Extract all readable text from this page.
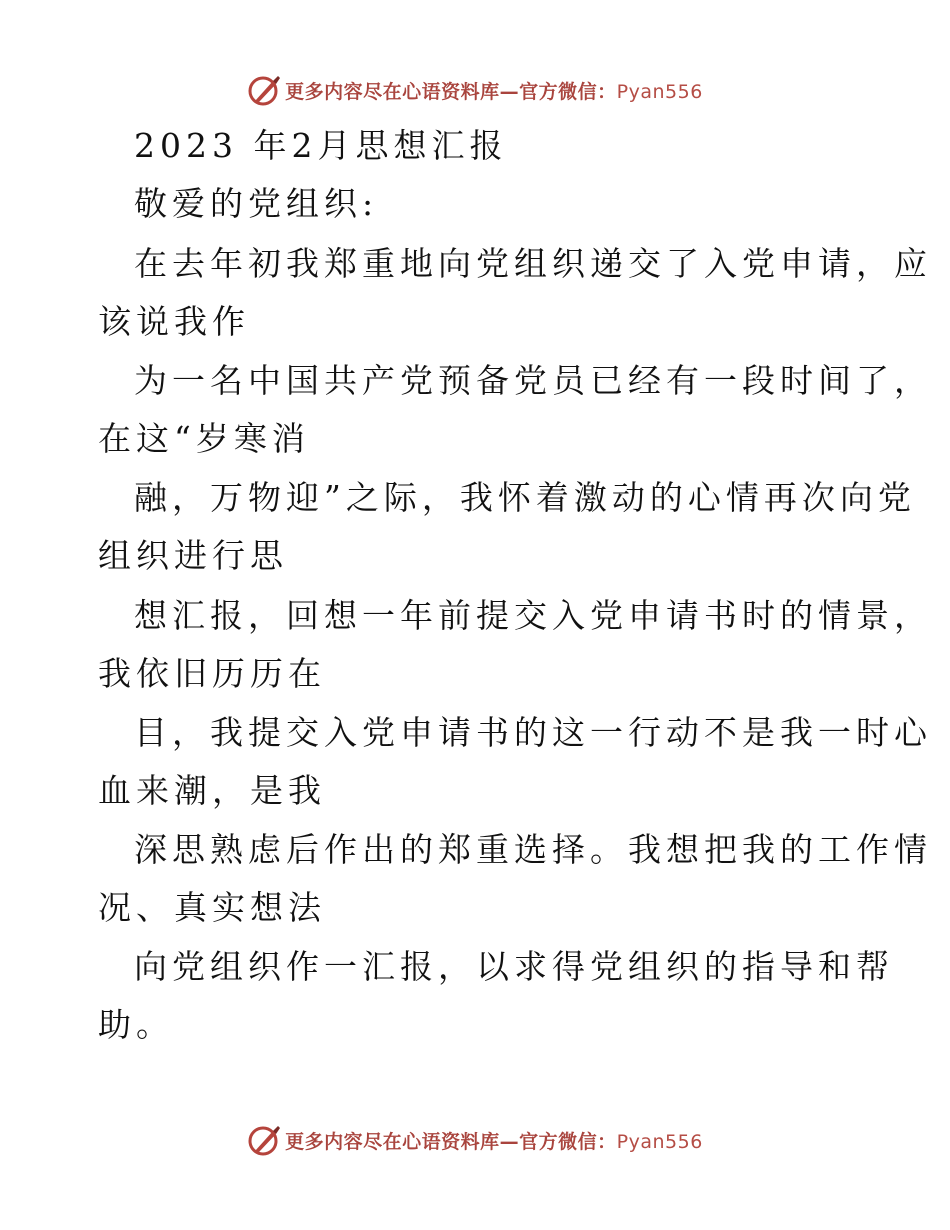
更多内容尽在心语资料库—官方微信：Pyan556
2023 年2月思想汇报
敬爱的党组织:
在去年初我郑重地向党组织递交了入党申请，应
该说我作
为一名中国共产党预备党员已经有一段时间了，
在这“岁寒消
融，万物迎”之际，我怀着激动的心情再次向党
组织进行思
想汇报，回想一年前提交入党申请书时的情景，
我依旧历历在
目，我提交入党申请书的这一行动不是我一时心
血来潮，是我
深思熟虑后作出的郑重选择。我想把我的工作情
况、真实想法
向党组织作一汇报，以求得党组织的指导和帮
助。
更多内容尽在心语资料库—官方微信：Pyan556
